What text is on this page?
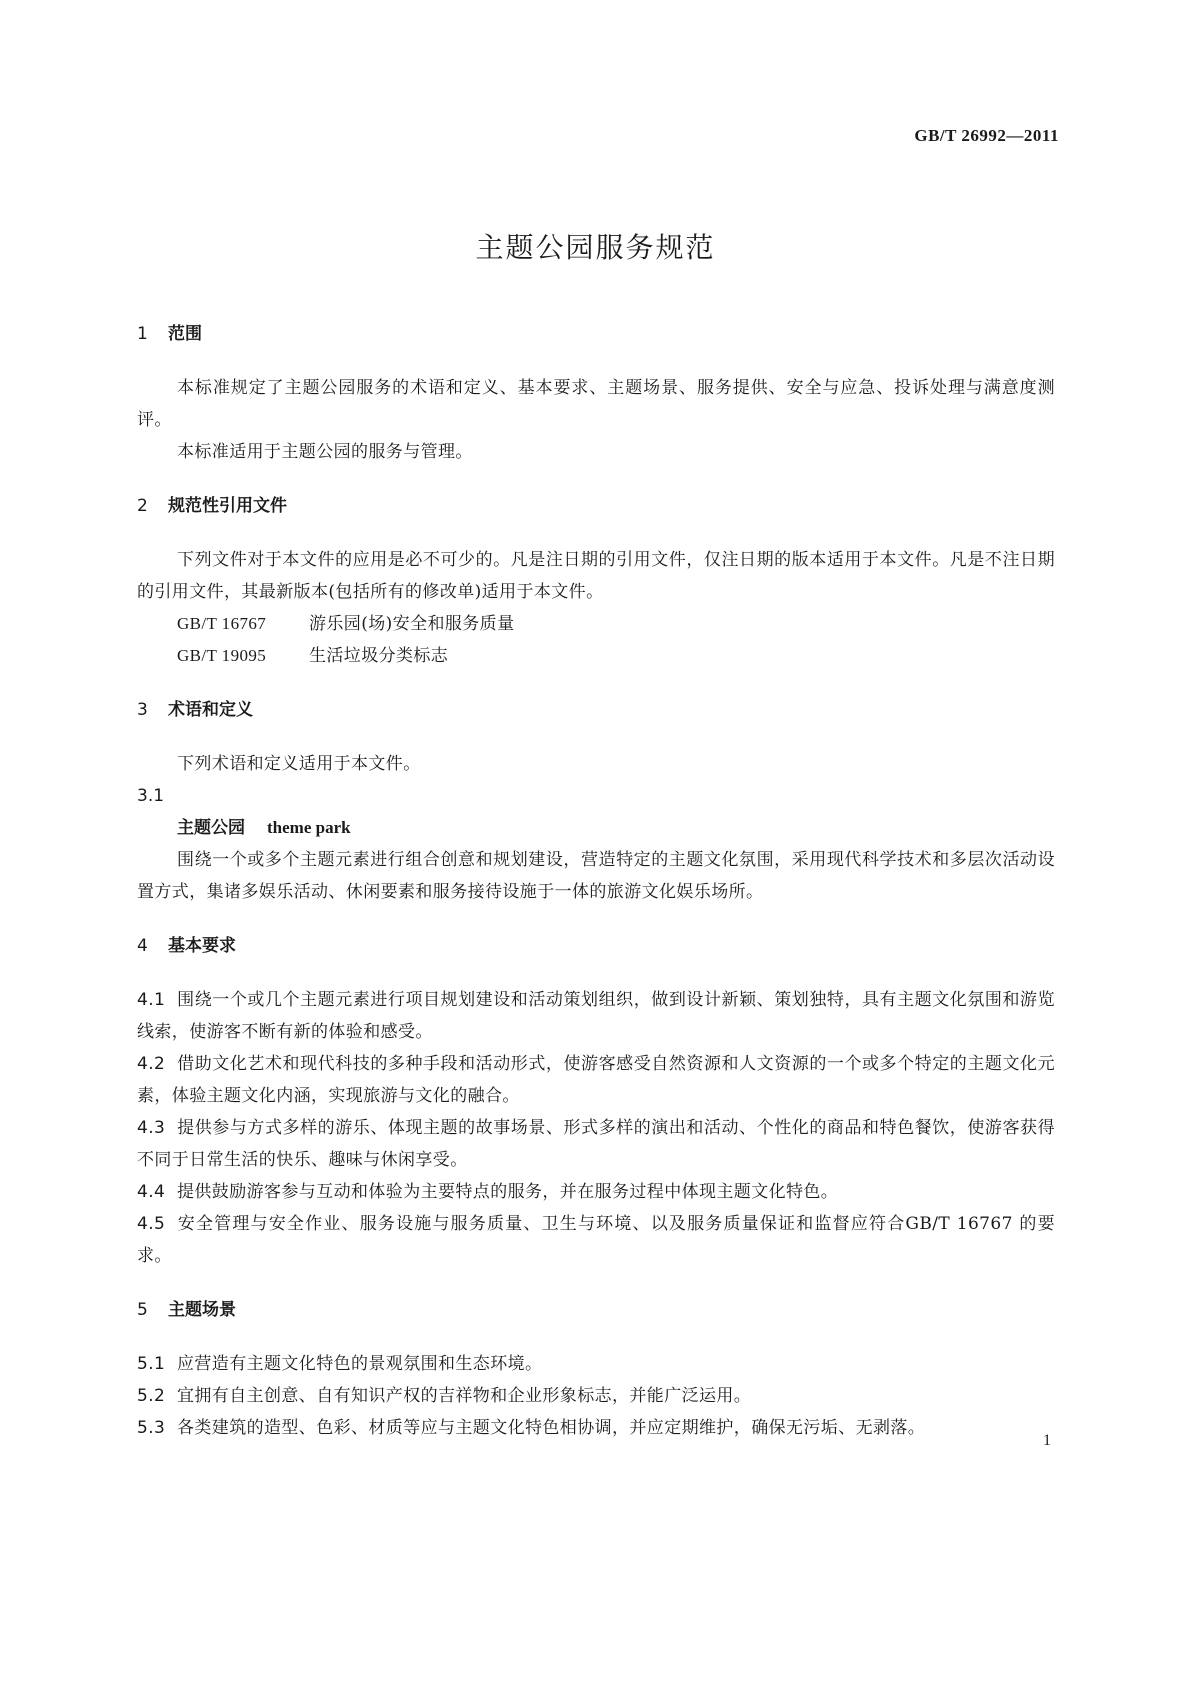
GB/T 26992—2011
主题公园服务规范
1 范围
本标准规定了主题公园服务的术语和定义、基本要求、主题场景、服务提供、安全与应急、投诉处理与满意度测评。
本标准适用于主题公园的服务与管理。
2 规范性引用文件
下列文件对于本文件的应用是必不可少的。凡是注日期的引用文件，仅注日期的版本适用于本文件。凡是不注日期的引用文件，其最新版本(包括所有的修改单)适用于本文件。
GB/T 16767	游乐园(场)安全和服务质量
GB/T 19095	生活垃圾分类标志
3 术语和定义
下列术语和定义适用于本文件。
3.1
主题公园 theme park
围绕一个或多个主题元素进行组合创意和规划建设，营造特定的主题文化氛围，采用现代科学技术和多层次活动设置方式，集诸多娱乐活动、休闲要素和服务接待设施于一体的旅游文化娱乐场所。
4 基本要求
4.1 围绕一个或几个主题元素进行项目规划建设和活动策划组织，做到设计新颖、策划独特，具有主题文化氛围和游览线索，使游客不断有新的体验和感受。
4.2 借助文化艺术和现代科技的多种手段和活动形式，使游客感受自然资源和人文资源的一个或多个特定的主题文化元素，体验主题文化内涵，实现旅游与文化的融合。
4.3 提供参与方式多样的游乐、体现主题的故事场景、形式多样的演出和活动、个性化的商品和特色餐饮，使游客获得不同于日常生活的快乐、趣味与休闲享受。
4.4 提供鼓励游客参与互动和体验为主要特点的服务，并在服务过程中体现主题文化特色。
4.5 安全管理与安全作业、服务设施与服务质量、卫生与环境、以及服务质量保证和监督应符合GB/T 16767 的要求。
5 主题场景
5.1 应营造有主题文化特色的景观氛围和生态环境。
5.2 宜拥有自主创意、自有知识产权的吉祥物和企业形象标志，并能广泛运用。
5.3 各类建筑的造型、色彩、材质等应与主题文化特色相协调，并应定期维护，确保无污垢、无剥落。
1
